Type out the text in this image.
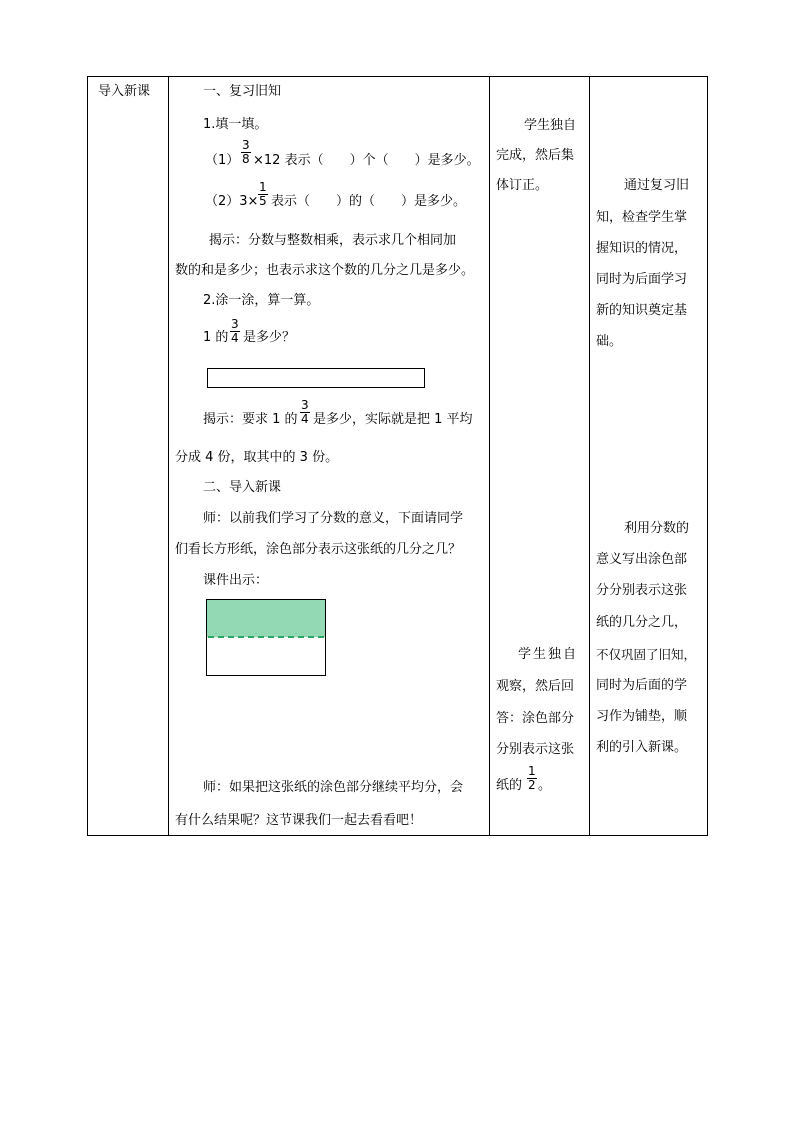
导入新课	一、复习旧知
1.填一填。
$(1) \frac{3}{8} \times 12$ 表示（　　）个（　　）是多少。
$(2)3\times \frac{1}{5}$ 表示（　　）的（　　）是多少。
揭示：分数与整数相乘，表示求几个相同加
数的和是多少；也表示求这个数的几分之几是多少。
2.涂一涂，算一算。
1 的 $\frac{3}{4}$ 是多少？
揭示：要求 1 的 $\frac{3}{4}$ 是多少，实际就是把 1 平均
分成 4 份，取其中的 3 份。
二、导入新课
师：以前我们学习了分数的意义，下面请同学
们看长方形纸，涂色部分表示这张纸的几分之几？
课件出示：
师：如果把这张纸的涂色部分继续平均分，会
有什么结果呢？这节课我们一起去看看吧！
学生独自
完成，然后集
体订正。
学生独自
观察，然后回
答：涂色部分
分别表示这张
纸的 $\frac{1}{2}$ 。
通过复习旧
知，检查学生掌
握知识的情况，
同时为后面学习
新的知识奠定基
础。
利用分数的
意义写出涂色部
分分别表示这张
纸的几分之几，
不仅巩固了旧知，
同时为后面的学
习作为铺垫，顺
利的引入新课。
